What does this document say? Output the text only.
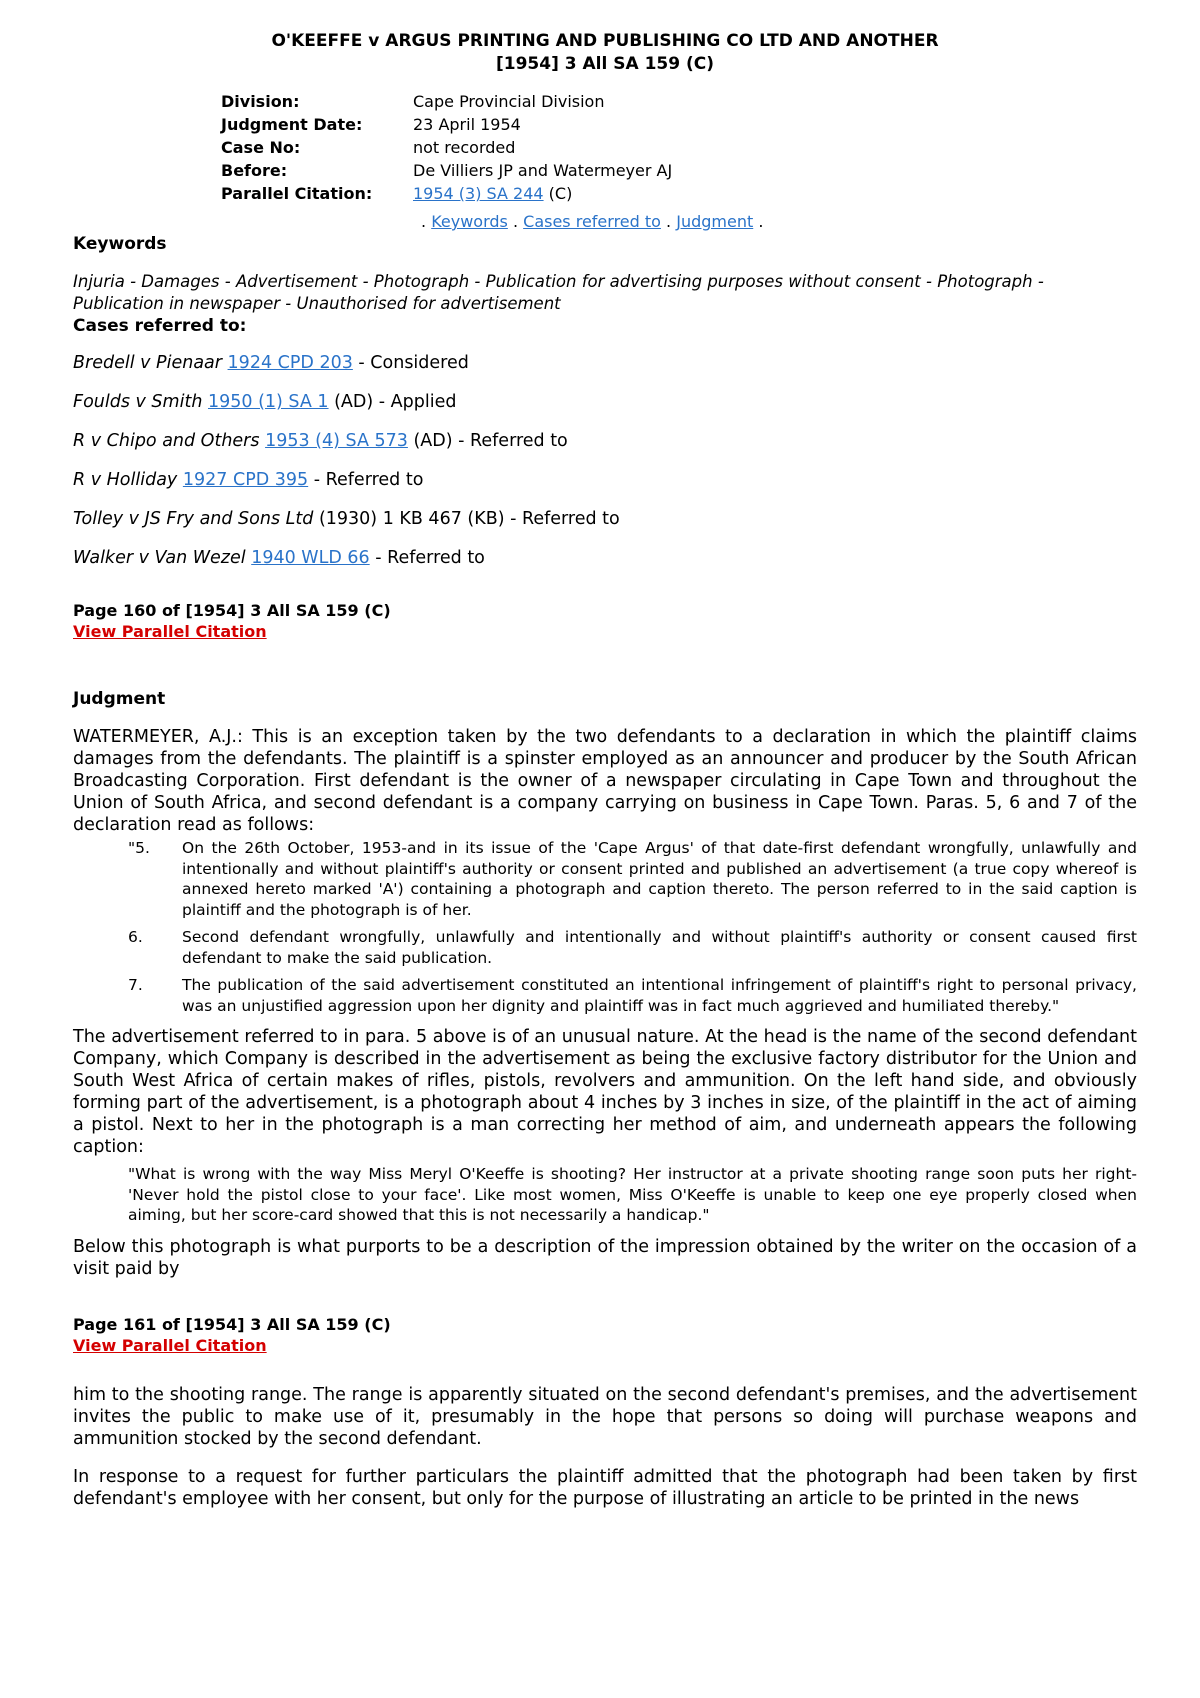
O'KEEFFE v ARGUS PRINTING AND PUBLISHING CO LTD AND ANOTHER
[1954] 3 All SA 159 (C)
Division:	Cape Provincial Division
Judgment Date:	23 April 1954
Case No:	not recorded
Before:	De Villiers JP and Watermeyer AJ
Parallel Citation:	1954 (3) SA 244 (C)
. Keywords . Cases referred to . Judgment .
Keywords
Injuria - Damages - Advertisement - Photograph - Publication for advertising purposes without consent - Photograph - Publication in newspaper - Unauthorised for advertisement
Cases referred to:
Bredell v Pienaar 1924 CPD 203 - Considered
Foulds v Smith 1950 (1) SA 1 (AD) - Applied
R v Chipo and Others 1953 (4) SA 573 (AD) - Referred to
R v Holliday 1927 CPD 395 - Referred to
Tolley v JS Fry and Sons Ltd (1930) 1 KB 467 (KB) - Referred to
Walker v Van Wezel 1940 WLD 66 - Referred to
Page 160 of [1954] 3 All SA 159 (C)
View Parallel Citation
Judgment
WATERMEYER, A.J.: This is an exception taken by the two defendants to a declaration in which the plaintiff claims damages from the defendants. The plaintiff is a spinster employed as an announcer and producer by the South African Broadcasting Corporation. First defendant is the owner of a newspaper circulating in Cape Town and throughout the Union of South Africa, and second defendant is a company carrying on business in Cape Town. Paras. 5, 6 and 7 of the declaration read as follows:
"5.	On the 26th October, 1953-and in its issue of the 'Cape Argus' of that date-first defendant wrongfully, unlawfully and intentionally and without plaintiff's authority or consent printed and published an advertisement (a true copy whereof is annexed hereto marked 'A') containing a photograph and caption thereto. The person referred to in the said caption is plaintiff and the photograph is of her.
6.	Second defendant wrongfully, unlawfully and intentionally and without plaintiff's authority or consent caused first defendant to make the said publication.
7.	The publication of the said advertisement constituted an intentional infringement of plaintiff's right to personal privacy, was an unjustified aggression upon her dignity and plaintiff was in fact much aggrieved and humiliated thereby."
The advertisement referred to in para. 5 above is of an unusual nature. At the head is the name of the second defendant Company, which Company is described in the advertisement as being the exclusive factory distributor for the Union and South West Africa of certain makes of rifles, pistols, revolvers and ammunition. On the left hand side, and obviously forming part of the advertisement, is a photograph about 4 inches by 3 inches in size, of the plaintiff in the act of aiming a pistol. Next to her in the photograph is a man correcting her method of aim, and underneath appears the following caption:
"What is wrong with the way Miss Meryl O'Keeffe is shooting? Her instructor at a private shooting range soon puts her right-'Never hold the pistol close to your face'. Like most women, Miss O'Keeffe is unable to keep one eye properly closed when aiming, but her score-card showed that this is not necessarily a handicap."
Below this photograph is what purports to be a description of the impression obtained by the writer on the occasion of a visit paid by
Page 161 of [1954] 3 All SA 159 (C)
View Parallel Citation
him to the shooting range. The range is apparently situated on the second defendant's premises, and the advertisement invites the public to make use of it, presumably in the hope that persons so doing will purchase weapons and ammunition stocked by the second defendant.
In response to a request for further particulars the plaintiff admitted that the photograph had been taken by first defendant's employee with her consent, but only for the purpose of illustrating an article to be printed in the news
